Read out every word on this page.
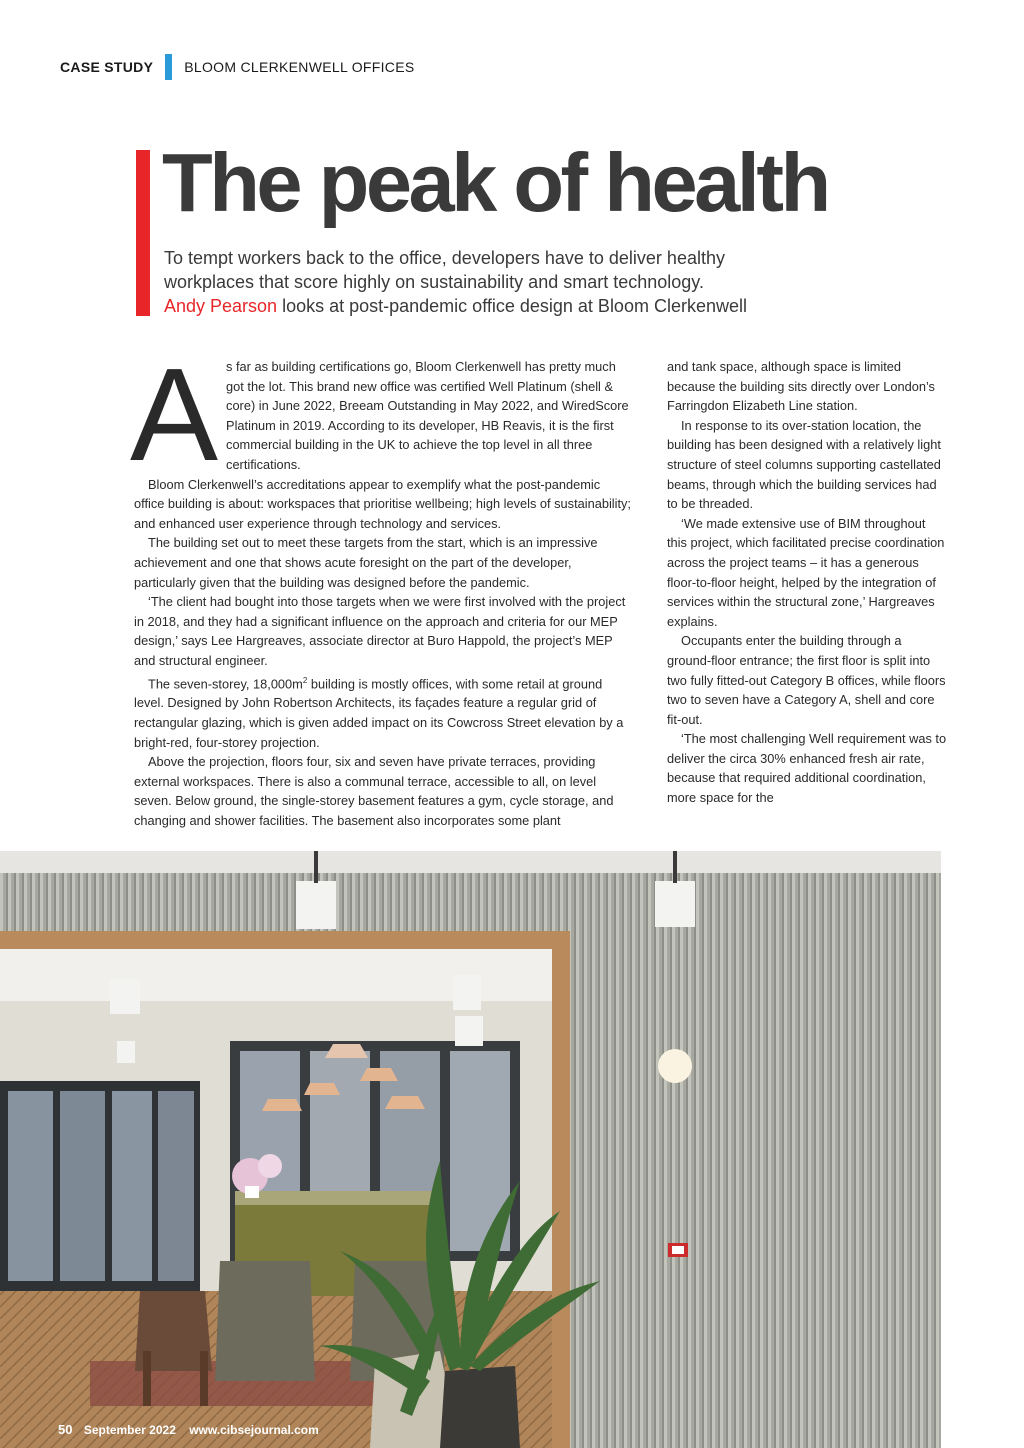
CASE STUDY BLOOM CLERKENWELL OFFICES
The peak of health
To tempt workers back to the office, developers have to deliver healthy
workplaces that score highly on sustainability and smart technology.
Andy Pearson looks at post-pandemic office design at Bloom Clerkenwell

As far as building certifications go, Bloom Clerkenwell has pretty much got the lot. This brand new office was certified Well Platinum (shell & core) in June 2022, Breeam Outstanding in May 2022, and WiredScore Platinum in 2019. According to its developer, HB Reavis, it is the first commercial building in the UK to achieve the top level in all three certifications.

Bloom Clerkenwell’s accreditations appear to exemplify what the post-pandemic office building is about: workspaces that prioritise wellbeing; high levels of sustainability; and enhanced user experience through technology and services.

The building set out to meet these targets from the start, which is an impressive achievement and one that shows acute foresight on the part of the developer, particularly given that the building was designed before the pandemic.

‘The client had bought into those targets when we were first involved with the project in 2018, and they had a significant influence on the approach and criteria for our MEP design,’ says Lee Hargreaves, associate director at Buro Happold, the project’s MEP and structural engineer.

The seven-storey, $18,000m^2$ building is mostly offices, with some retail at ground level. Designed by John Robertson Architects, its façades feature a regular grid of rectangular glazing, which is given added impact on its Cowcross Street elevation by a bright-red, four-storey projection.

Above the projection, floors four, six and seven have private terraces, providing external workspaces. There is also a communal terrace, accessible to all, on level seven. Below ground, the single-storey basement features a gym, cycle storage, and changing and shower facilities. The basement also incorporates some plant

and tank space, although space is limited because the building sits directly over London’s Farringdon Elizabeth Line station.

In response to its over-station location, the building has been designed with a relatively light structure of steel columns supporting castellated beams, through which the building services had to be threaded.

‘We made extensive use of BIM throughout this project, which facilitated precise coordination across the project teams – it has a generous floor-to-floor height, helped by the integration of services within the structural zone,’ Hargreaves explains.

Occupants enter the building through a ground-floor entrance; the first floor is split into two fully fitted-out Category B offices, while floors two to seven have a Category A, shell and core fit-out.

‘The most challenging Well requirement was to deliver the circa 30% enhanced fresh air rate, because that required additional coordination, more space for the

50 September 2022 www.cibsejournal.com
